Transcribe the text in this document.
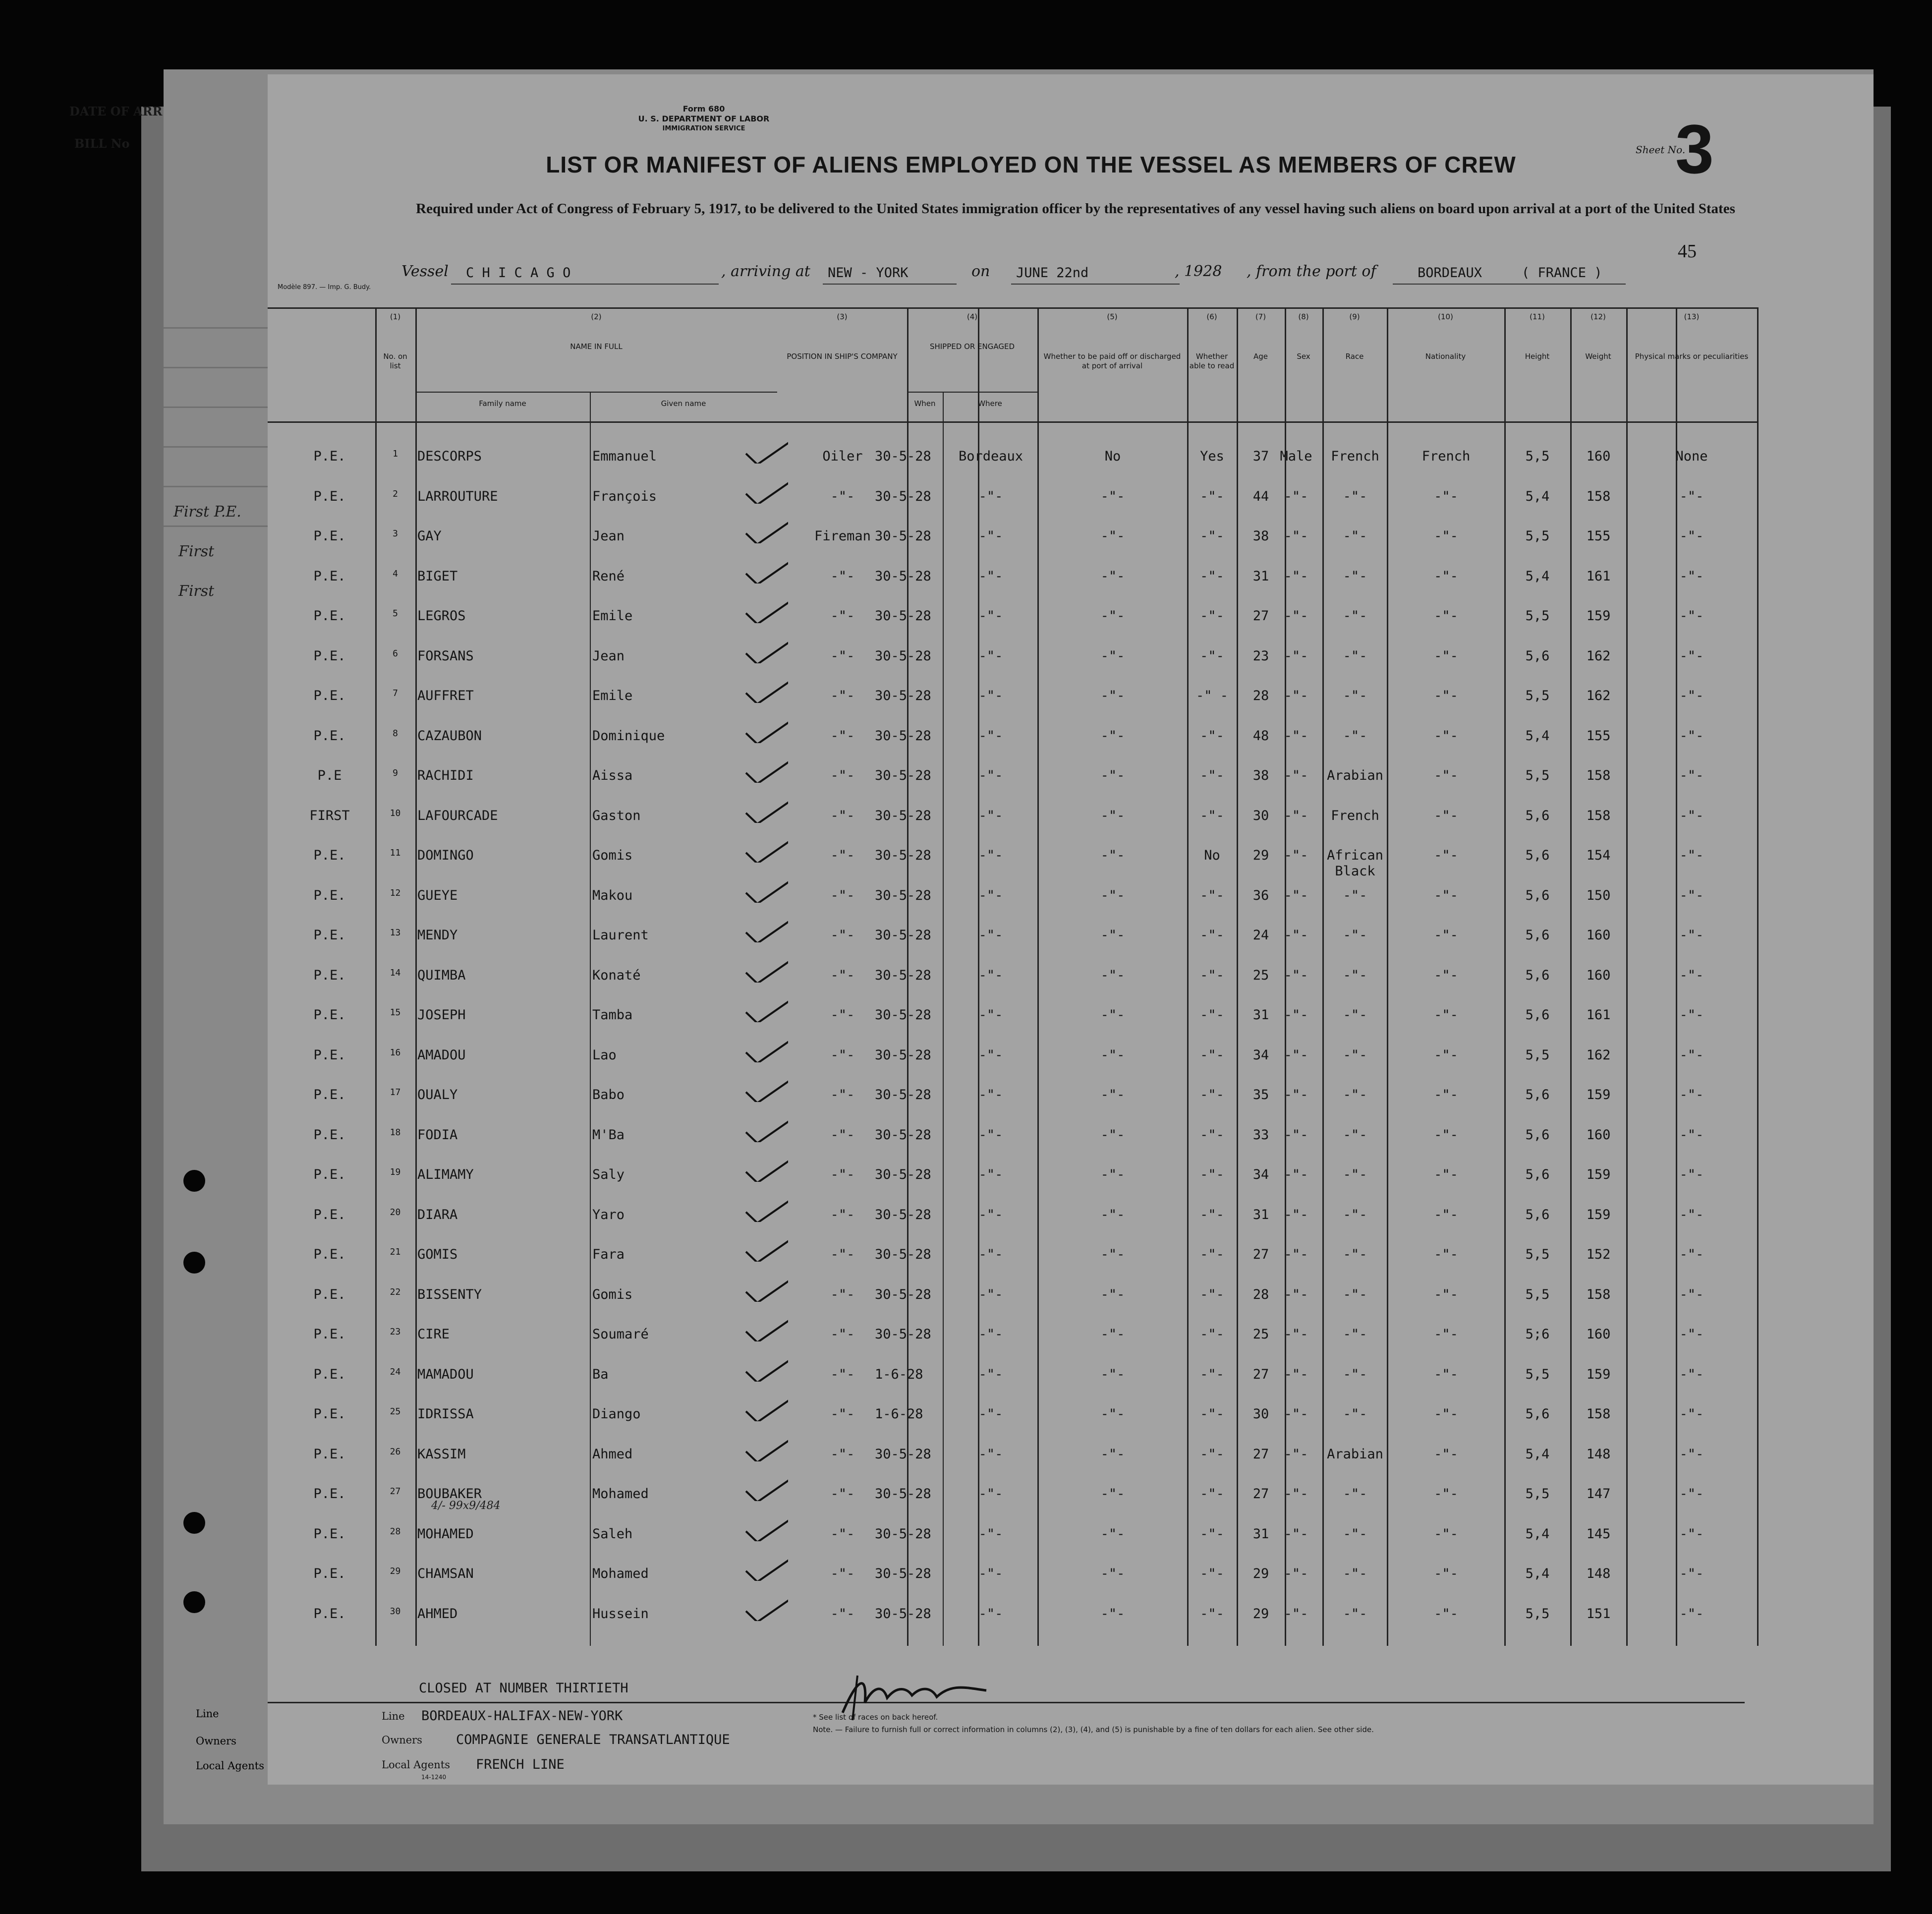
DATE OF ARR
BILL No
Line
Owners
Local Agents
Form 680
U. S. DEPARTMENT OF LABOR
IMMIGRATION SERVICE
LIST OR MANIFEST OF ALIENS EMPLOYED ON THE VESSEL AS MEMBERS OF CREW
Sheet No.
3
Required under Act of Congress of February 5, 1917, to be delivered to the United States immigration officer by the representatives of any vessel having such aliens on board upon arrival at a port of the United States
45
Vessel C H I C A G O	, arriving at NEW - YORK	on JUNE 22nd	, 1928 , from the port of	BORDEAUX	( FRANCE )
Modèle 897. — Imp. G. Budy.
(1)
No. on list
(2)
NAME IN FULL
(3)
POSITION IN SHIP'S COMPANY
(4)
SHIPPED OR ENGAGED
(5)
Whether to be paid off or discharged at port of arrival
(6)
Whether able to read
(7)
Age
(8)
Sex
(9)
Race
(10)
Nationality
(11)
Height
(12)
Weight
(13)
Physical marks or peculiarities
Family name	Given name	When	Where
P.E.	1	DESCORPS	Emmanuel	Oiler 30-5-28	Bordeaux	No	Yes	37 Male	French	French	5,5	160	None
P.E.	2	LARROUTURE	François	-"-	30-5-28	-"-	-"-	-"-	44	-"-	-"-	-"-	5,4	158	-"-
P.E.	3	GAY	Jean	Fireman 30-5-28	-"-	-"-	-"-	38	-"-	-"-	-"-	5,5	155	-"-
P.E.	4	BIGET	René	-"-	30-5-28	-"-	-"-	-"-	31	-"-	-"-	-"-	5,4	161	-"-
P.E.	5	LEGROS	Emile	-"-	30-5-28	-"-	-"-	-"-	27	-"-	-"-	-"-	5,5	159	-"-
P.E.	6	FORSANS	Jean	-"-	30-5-28	-"-	-"-	-"-	23	-"-	-"-	-"-	5,6	162	-"-
P.E.	7	AUFFRET	Emile	-"-	30-5-28	-"-	-"-	-" -	28	-"-	-"-	-"-	5,5	162	-"-
P.E.	8	CAZAUBON	Dominique	-"-	30-5-28	-"-	-"-	-"-	48	-"-	-"-	-"-	5,4	155	-"-
P.E	9	RACHIDI	Aissa	-"-	30-5-28	-"-	-"-	-"-	38	-"-	Arabian	-"-	5,5	158	-"-
FIRST	10	LAFOURCADE	Gaston	-"-	30-5-28	-"-	-"-	-"-	30	-"-	French	-"-	5,6	158	-"-
P.E.	11	DOMINGO	Gomis	-"-	30-5-28	-"-	-"-	No	29	-"-	African	-"-	5,6	154	-"-
Black
P.E.	12	GUEYE	Makou	-"-	30-5-28	-"-	-"-	-"-	36	-"-	-"-	-"-	5,6	150	-"-
P.E.	13	MENDY	Laurent	-"-	30-5-28	-"-	-"-	-"-	24	-"-	-"-	-"-	5,6	160	-"-
P.E.	14	QUIMBA	Konaté	-"-	30-5-28	-"-	-"-	-"-	25	-"-	-"-	-"-	5,6	160	-"-
P.E.	15	JOSEPH	Tamba	-"-	30-5-28	-"-	-"-	-"-	31	-"-	-"-	-"-	5,6	161	-"-
P.E.	16	AMADOU	Lao	-"-	30-5-28	-"-	-"-	-"-	34	-"-	-"-	-"-	5,5	162	-"-
P.E.	17	OUALY	Babo	-"-	30-5-28	-"-	-"-	-"-	35	-"-	-"-	-"-	5,6	159	-"-
P.E.	18	FODIA	M'Ba	-"-	30-5-28	-"-	-"-	-"-	33	-"-	-"-	-"-	5,6	160	-"-
P.E.	19	ALIMAMY	Saly	-"-	30-5-28	-"-	-"-	-"-	34	-"-	-"-	-"-	5,6	159	-"-
P.E.	20	DIARA	Yaro	-"-	30-5-28	-"-	-"-	-"-	31	-"-	-"-	-"-	5,6	159	-"-
P.E.	21	GOMIS	Fara	-"-	30-5-28	-"-	-"-	-"-	27	-"-	-"-	-"-	5,5	152	-"-
P.E.	22	BISSENTY	Gomis	-"-	30-5-28	-"-	-"-	-"-	28	-"-	-"-	-"-	5,5	158	-"-
P.E.	23	CIRE	Soumaré	-"-	30-5-28	-"-	-"-	-"-	25	-"-	-"-	-"-	5;6	160	-"-
P.E.	24	MAMADOU	Ba	-"-	1-6-28	-"-	-"-	-"-	27	-"-	-"-	-"-	5,5	159	-"-
P.E.	25	IDRISSA	Diango	-"-	1-6-28	-"-	-"-	-"-	30	-"-	-"-	-"-	5,6	158	-"-
P.E.	26	KASSIM	Ahmed	-"-	30-5-28	-"-	-"-	-"-	27	-"-	Arabian	-"-	5,4	148	-"-
P.E.	27	BOUBAKER	Mohamed	-"-	30-5-28	-"-	-"-	-"-	27	-"-	-"-	-"-	5,5	147	-"-
P.E.	28	MOHAMED	Saleh	-"-	30-5-28	-"-	-"-	-"-	31	-"-	-"-	-"-	5,4	145	-"-
P.E.	29	CHAMSAN	Mohamed	-"-	30-5-28	-"-	-"-	-"-	29	-"-	-"-	-"-	5,4	148	-"-
P.E.	30	AHMED	Hussein	-"-	30-5-28	-"-	-"-	-"-	29	-"-	-"-	-"-	5,5	151	-"-
CLOSED AT NUMBER THIRTIETH
Line BORDEAUX-HALIFAX-NEW-YORK
Owners	COMPAGNIE GENERALE TRANSATLANTIQUE
Local Agents FRENCH LINE
14-1240
* See list of races on back hereof.
Note. — Failure to furnish full or correct information in columns (2), (3), (4), and (5) is punishable by a fine of ten dollars for each alien. See other side.
First P.E.
First
First
4/- 99x9/484
